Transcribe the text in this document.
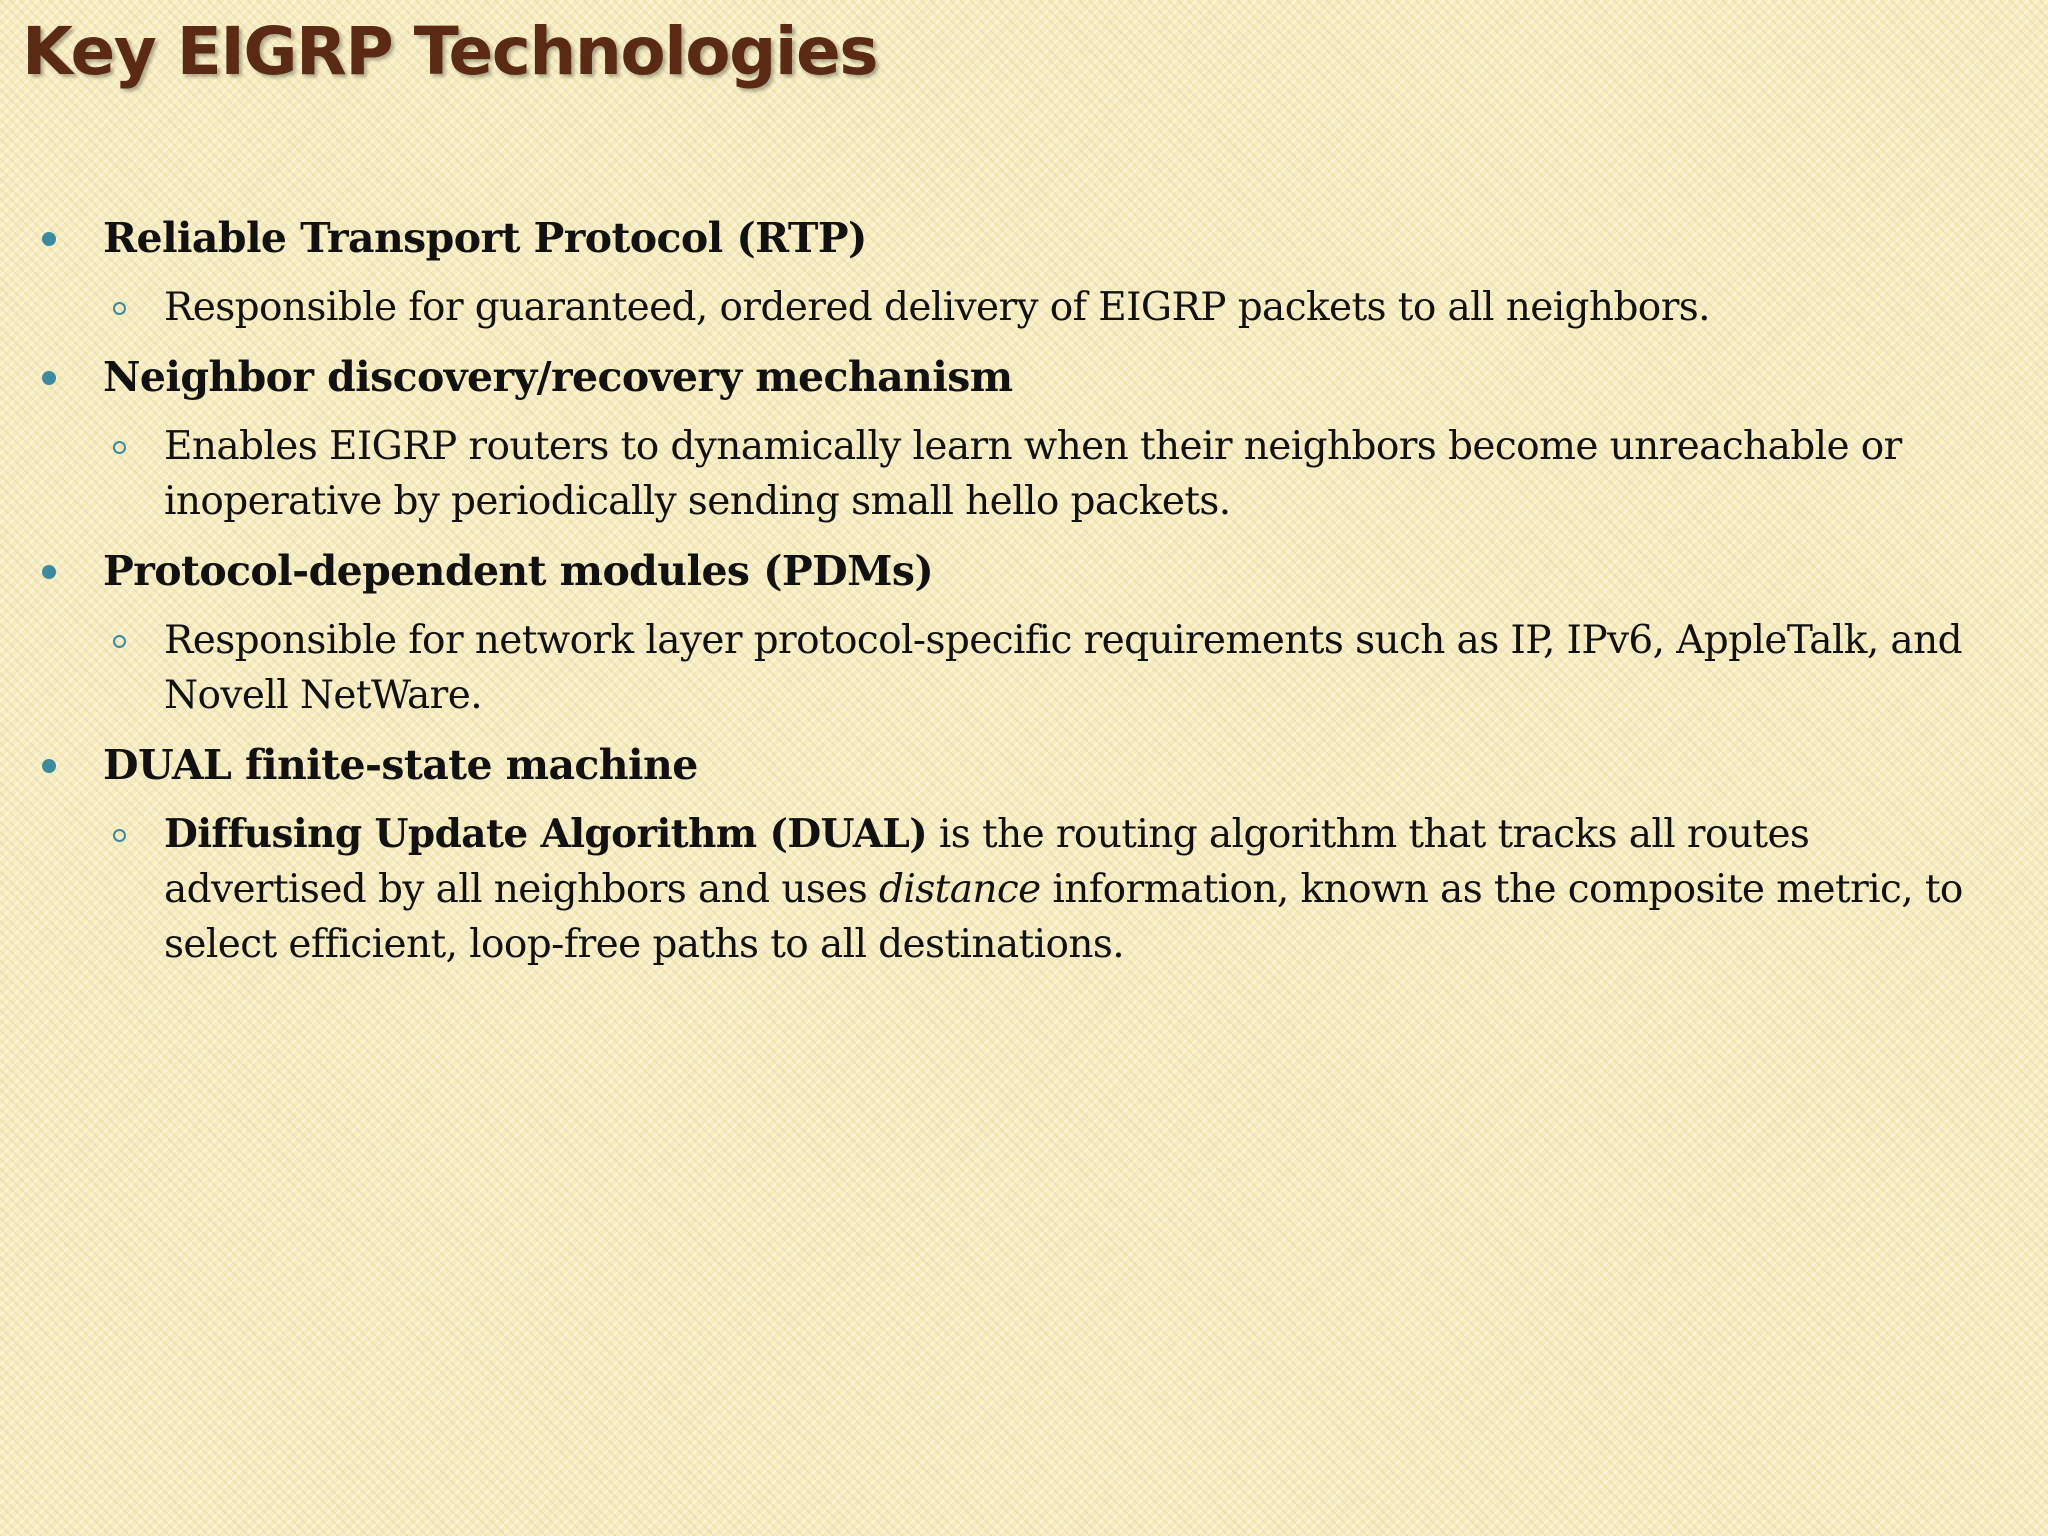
Key EIGRP Technologies
Reliable Transport Protocol (RTP)
Responsible for guaranteed, ordered delivery of EIGRP packets to all neighbors.
Neighbor discovery/recovery mechanism
Enables EIGRP routers to dynamically learn when their neighbors become unreachable or inoperative by periodically sending small hello packets.
Protocol-dependent modules (PDMs)
Responsible for network layer protocol-specific requirements such as IP, IPv6, AppleTalk, and Novell NetWare.
DUAL finite-state machine
Diffusing Update Algorithm (DUAL) is the routing algorithm that tracks all routes advertised by all neighbors and uses distance information, known as the composite metric, to select efficient, loop-free paths to all destinations.
